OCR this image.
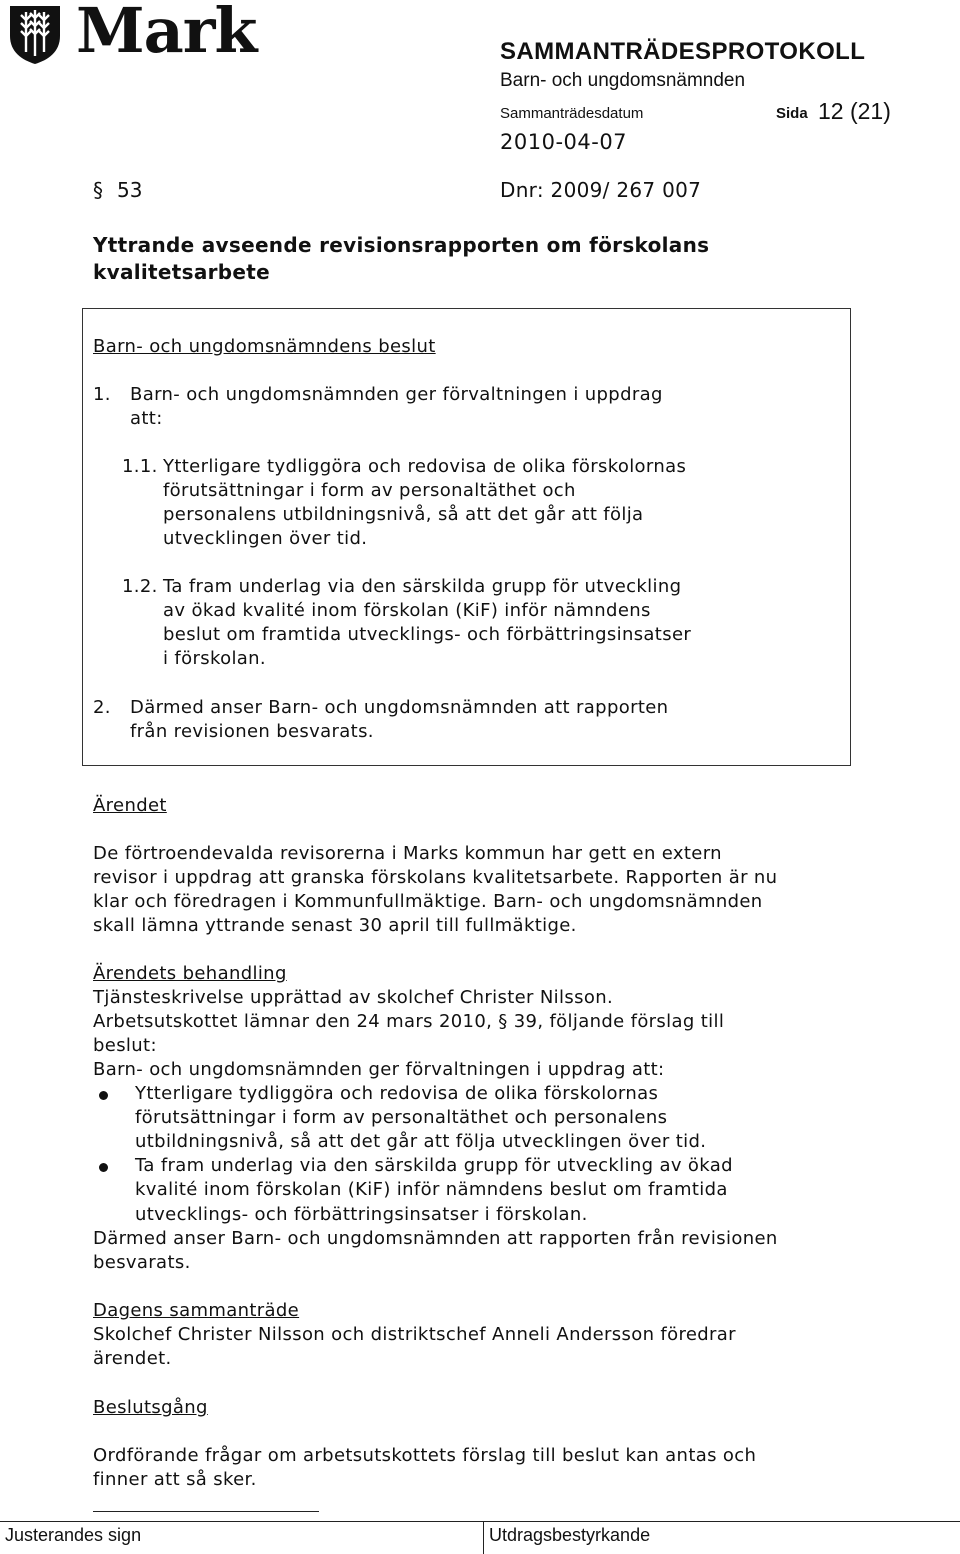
Mark	SAMMANTRÄDESPROTOKOLL
Barn- och ungdomsnämnden
Sammanträdesdatum	Sida 12 (21)
2010-04-07
§ 53	Dnr: 2009/ 267 007
Yttrande avseende revisionsrapporten om förskolans
kvalitetsarbete
Barn- och ungdomsnämndens beslut
1. Barn- och ungdomsnämnden ger förvaltningen i uppdrag
att:
1.1. Ytterligare tydliggöra och redovisa de olika förskolornas
förutsättningar i form av personaltäthet och
personalens utbildningsnivå, så att det går att följa
utvecklingen över tid.
1.2. Ta fram underlag via den särskilda grupp för utveckling
av ökad kvalité inom förskolan (KiF) inför nämndens
beslut om framtida utvecklings- och förbättringsinsatser
i förskolan.
2. Därmed anser Barn- och ungdomsnämnden att rapporten
från revisionen besvarats.
Ärendet
De förtroendevalda revisorerna i Marks kommun har gett en extern
revisor i uppdrag att granska förskolans kvalitetsarbete. Rapporten är nu
klar och föredragen i Kommunfullmäktige. Barn- och ungdomsnämnden
skall lämna yttrande senast 30 april till fullmäktige.
Ärendets behandling
Tjänsteskrivelse upprättad av skolchef Christer Nilsson.
Arbetsutskottet lämnar den 24 mars 2010, § 39, följande förslag till
beslut:
Barn- och ungdomsnämnden ger förvaltningen i uppdrag att:
Ytterligare tydliggöra och redovisa de olika förskolornas
förutsättningar i form av personaltäthet och personalens
utbildningsnivå, så att det går att följa utvecklingen över tid.
Ta fram underlag via den särskilda grupp för utveckling av ökad
kvalité inom förskolan (KiF) inför nämndens beslut om framtida
utvecklings- och förbättringsinsatser i förskolan.
Därmed anser Barn- och ungdomsnämnden att rapporten från revisionen
besvarats.
Dagens sammanträde
Skolchef Christer Nilsson och distriktschef Anneli Andersson föredrar
ärendet.
Beslutsgång
Ordförande frågar om arbetsutskottets förslag till beslut kan antas och
finner att så sker.
Justerandes sign	Utdragsbestyrkande
